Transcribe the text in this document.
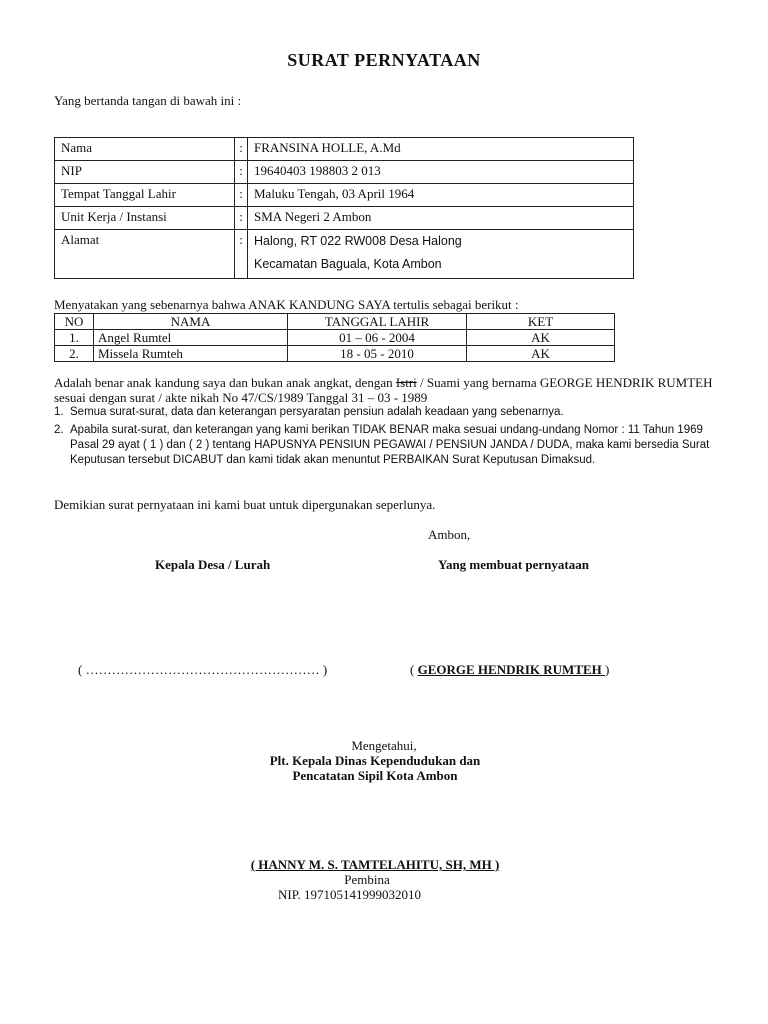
SURAT PERNYATAAN
Yang bertanda tangan di bawah ini :
Nama	:	FRANSINA HOLLE, A.Md
NIP	:	19640403 198803 2 013
Tempat Tanggal Lahir	:	Maluku Tengah, 03 April 1964
Unit Kerja / Instansi	:	SMA Negeri 2 Ambon
Alamat	:	Halong, RT 022 RW008 Desa Halong
Kecamatan Baguala, Kota Ambon
Menyatakan yang sebenarnya bahwa ANAK KANDUNG SAYA tertulis sebagai berikut :
NO	NAMA	TANGGAL LAHIR	KET
1.	Angel Rumtel	01 – 06 - 2004	AK
2.	Missela Rumteh	18 - 05 - 2010	AK
Adalah benar anak kandung saya dan bukan anak angkat, dengan Istri / Suami yang bernama GEORGE HENDRIK RUMTEH sesuai dengan surat / akte nikah No 47/CS/1989 Tanggal 31 – 03 - 1989
1. Semua surat-surat, data dan keterangan persyaratan pensiun adalah keadaan yang sebenarnya.
2. Apabila surat-surat, dan keterangan yang kami berikan TIDAK BENAR maka sesuai undang-undang Nomor : 11 Tahun 1969 Pasal 29 ayat ( 1 ) dan ( 2 ) tentang HAPUSNYA PENSIUN PEGAWAI / PENSIUN JANDA / DUDA, maka kami bersedia Surat Keputusan tersebut DICABUT dan kami tidak akan menuntut PERBAIKAN Surat Keputusan Dimaksud.
Demikian surat pernyataan ini kami buat untuk dipergunakan seperlunya.
Ambon,
Kepala Desa / Lurah	Yang membuat pernyataan
( ……………………………………………… )	( GEORGE HENDRIK RUMTEH )
Mengetahui,
Plt. Kepala Dinas Kependudukan dan
Pencatatan Sipil Kota Ambon
( HANNY M. S. TAMTELAHITU, SH, MH )
Pembina
NIP. 197105141999032010
